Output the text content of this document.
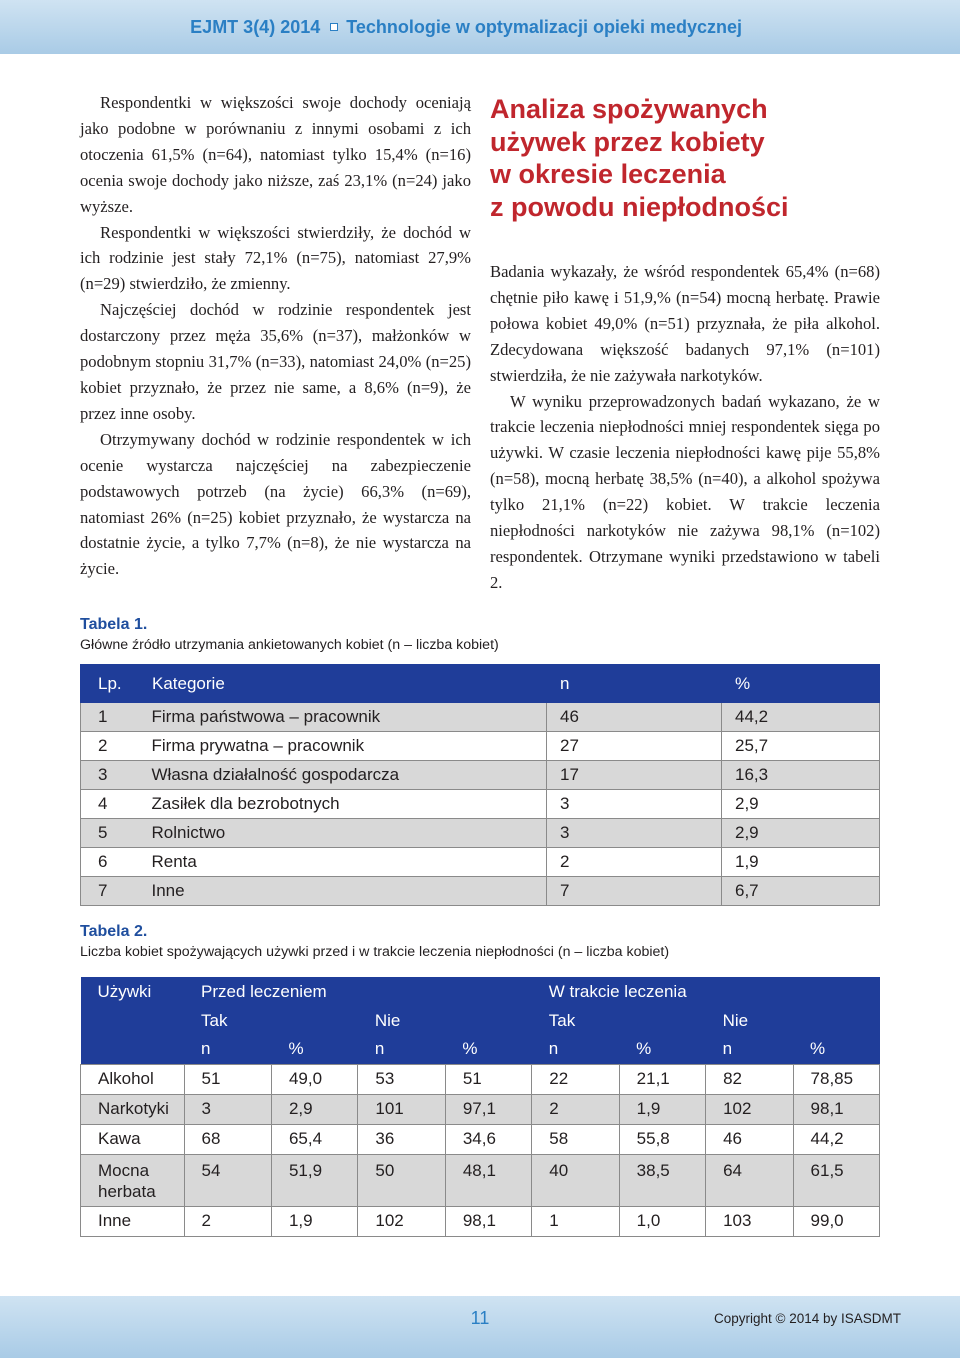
EJMT 3(4) 2014 Technologie w optymalizacji opieki medycznej

Respondentki w większości swoje dochody oceniają jako podobne w porównaniu z innymi osobami z ich otoczenia 61,5% (n=64), natomiast tylko 15,4% (n=16) ocenia swoje dochody jako niższe, zaś 23,1% (n=24) jako wyższe.

Respondentki w większości stwierdziły, że dochód w ich rodzinie jest stały 72,1% (n=75), natomiast 27,9% (n=29) stwierdziło, że zmienny.

Najczęściej dochód w rodzinie respondentek jest dostarczony przez męża 35,6% (n=37), małżonków w podobnym stopniu 31,7% (n=33), natomiast 24,0% (n=25) kobiet przyznało, że przez nie same, a 8,6% (n=9), że przez inne osoby.

Otrzymywany dochód w rodzinie respondentek w ich ocenie wystarcza najczęściej na zabezpieczenie podstawowych potrzeb (na życie) 66,3% (n=69), natomiast 26% (n=25) kobiet przyznało, że wystarcza na dostatnie życie, a tylko 7,7% (n=8), że nie wystarcza na życie.

Analiza spożywanych
używek przez kobiety
w okresie leczenia
z powodu niepłodności

Badania wykazały, że wśród respondentek 65,4% (n=68) chętnie piło kawę i 51,9,% (n=54) mocną herbatę. Prawie połowa kobiet 49,0% (n=51) przyznała, że piła alkohol. Zdecydowana większość badanych 97,1% (n=101) stwierdziła, że nie zażywała narkotyków.

W wyniku przeprowadzonych badań wykazano, że w trakcie leczenia niepłodności mniej respondentek sięga po używki. W czasie leczenia niepłodności kawę pije 55,8% (n=58), mocną herbatę 38,5% (n=40), a alkohol spożywa tylko 21,1% (n=22) kobiet. W trakcie leczenia niepłodności narkotyków nie zażywa 98,1% (n=102) respondentek. Otrzymane wyniki przedstawiono w tabeli 2.

Tabela 1.
Główne źródło utrzymania ankietowanych kobiet (n – liczba kobiet)
Lp.	Kategorie	n	%
1	Firma państwowa – pracownik	46	44,2
2	Firma prywatna – pracownik	27	25,7
3	Własna działalność gospodarcza	17	16,3
4	Zasiłek dla bezrobotnych	3	2,9
5	Rolnictwo	3	2,9
6	Renta	2	1,9
7	Inne	7	6,7
Tabela 2.
Liczba kobiet spożywających używki przed i w trakcie leczenia niepłodności (n – liczba kobiet)
Używki	Przed leczeniem				W trakcie leczenia			
	Tak		Nie		Tak		Nie	
	n	%	n	%	n	%	n	%
Alkohol	51	49,0	53	51	22	21,1	82	78,85
Narkotyki	3	2,9	101	97,1	2	1,9	102	98,1
Kawa	68	65,4	36	34,6	58	55,8	46	44,2
Mocna herbata	54	51,9	50	48,1	40	38,5	64	61,5
Inne	2	1,9	102	98,1	1	1,0	103	99,0
11	Copyright © 2014 by ISASDMT
